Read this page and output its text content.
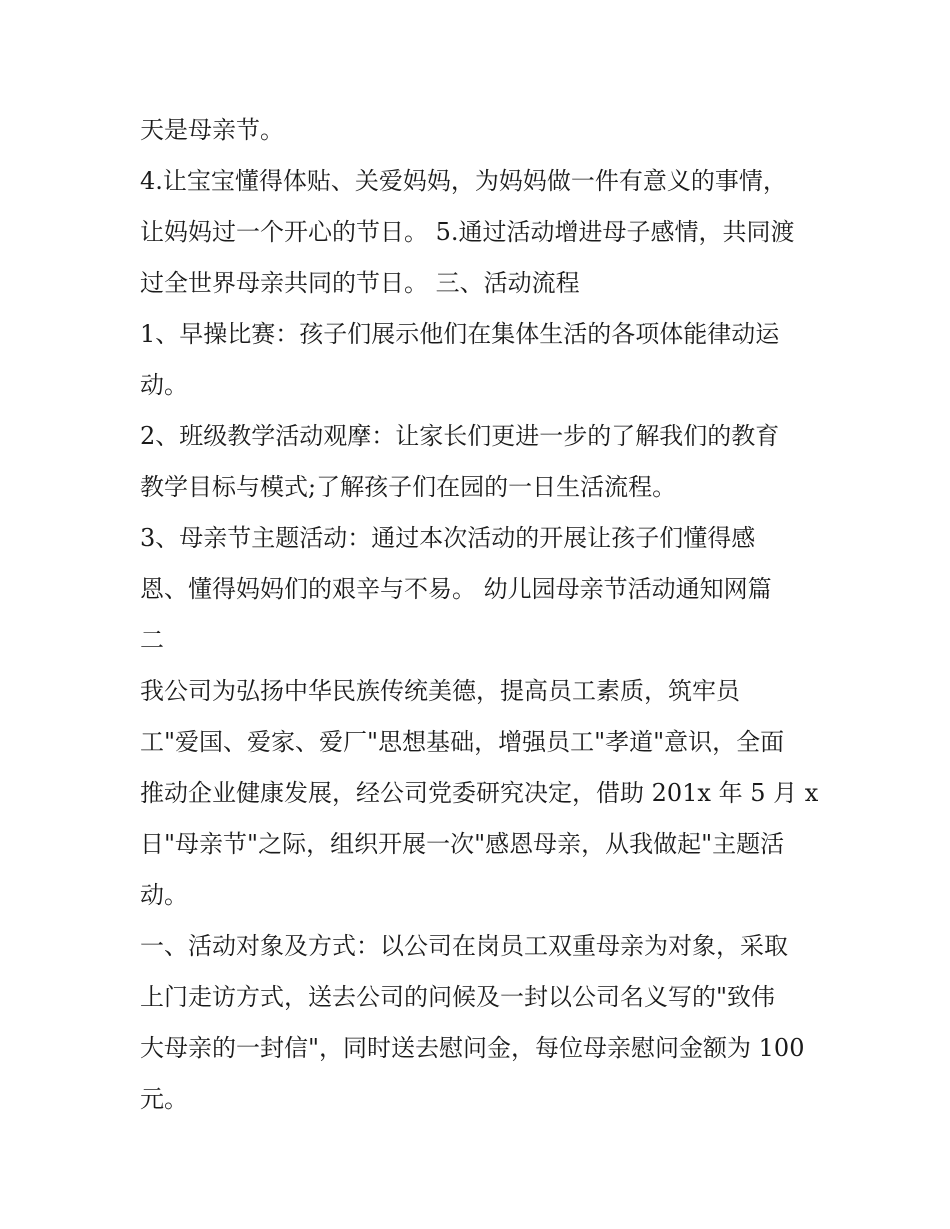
天是母亲节。
4.让宝宝懂得体贴、关爱妈妈，为妈妈做一件有意义的事情，
让妈妈过一个开心的节日。 5.通过活动增进母子感情，共同渡
过全世界母亲共同的节日。 三、活动流程
1、早操比赛：孩子们展示他们在集体生活的各项体能律动运
动。
2、班级教学活动观摩：让家长们更进一步的了解我们的教育
教学目标与模式;了解孩子们在园的一日生活流程。
3、母亲节主题活动：通过本次活动的开展让孩子们懂得感
恩、懂得妈妈们的艰辛与不易。 幼儿园母亲节活动通知网篇
二
我公司为弘扬中华民族传统美德，提高员工素质，筑牢员
工"爱国、爱家、爱厂"思想基础，增强员工"孝道"意识，全面
推动企业健康发展，经公司党委研究决定，借助 201x 年 5 月 x
日"母亲节"之际，组织开展一次"感恩母亲，从我做起"主题活
动。
一、活动对象及方式：以公司在岗员工双重母亲为对象，采取
上门走访方式，送去公司的问候及一封以公司名义写的"致伟
大母亲的一封信"，同时送去慰问金，每位母亲慰问金额为 100
元。
